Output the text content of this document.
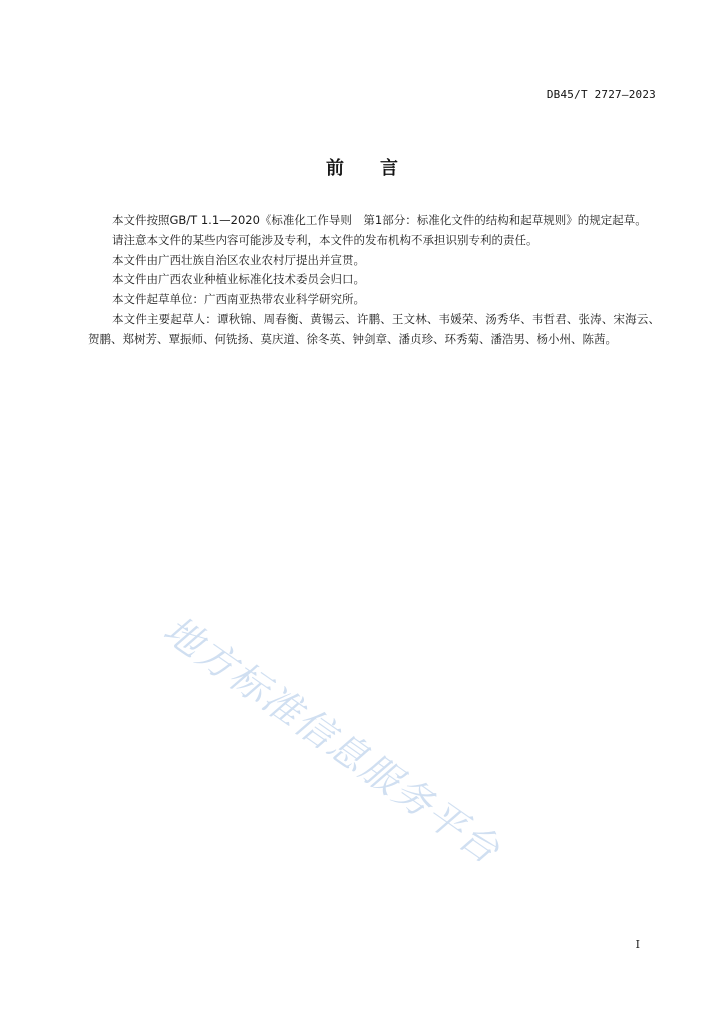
DB45/T 2727—2023
前 言

本文件按照GB/T 1.1—2020《标准化工作导则　第1部分：标准化文件的结构和起草规则》的规定起草。

请注意本文件的某些内容可能涉及专利，本文件的发布机构不承担识别专利的责任。

本文件由广西壮族自治区农业农村厅提出并宣贯。

本文件由广西农业种植业标准化技术委员会归口。

本文件起草单位：广西南亚热带农业科学研究所。

本文件主要起草人：谭秋锦、周春衡、黄锡云、许鹏、王文林、韦媛荣、汤秀华、韦哲君、张涛、宋海云、贺鹏、郑树芳、覃振师、何铣扬、莫庆道、徐冬英、钟剑章、潘贞珍、环秀菊、潘浩男、杨小州、陈茜。

地方标准信息服务平台
I
